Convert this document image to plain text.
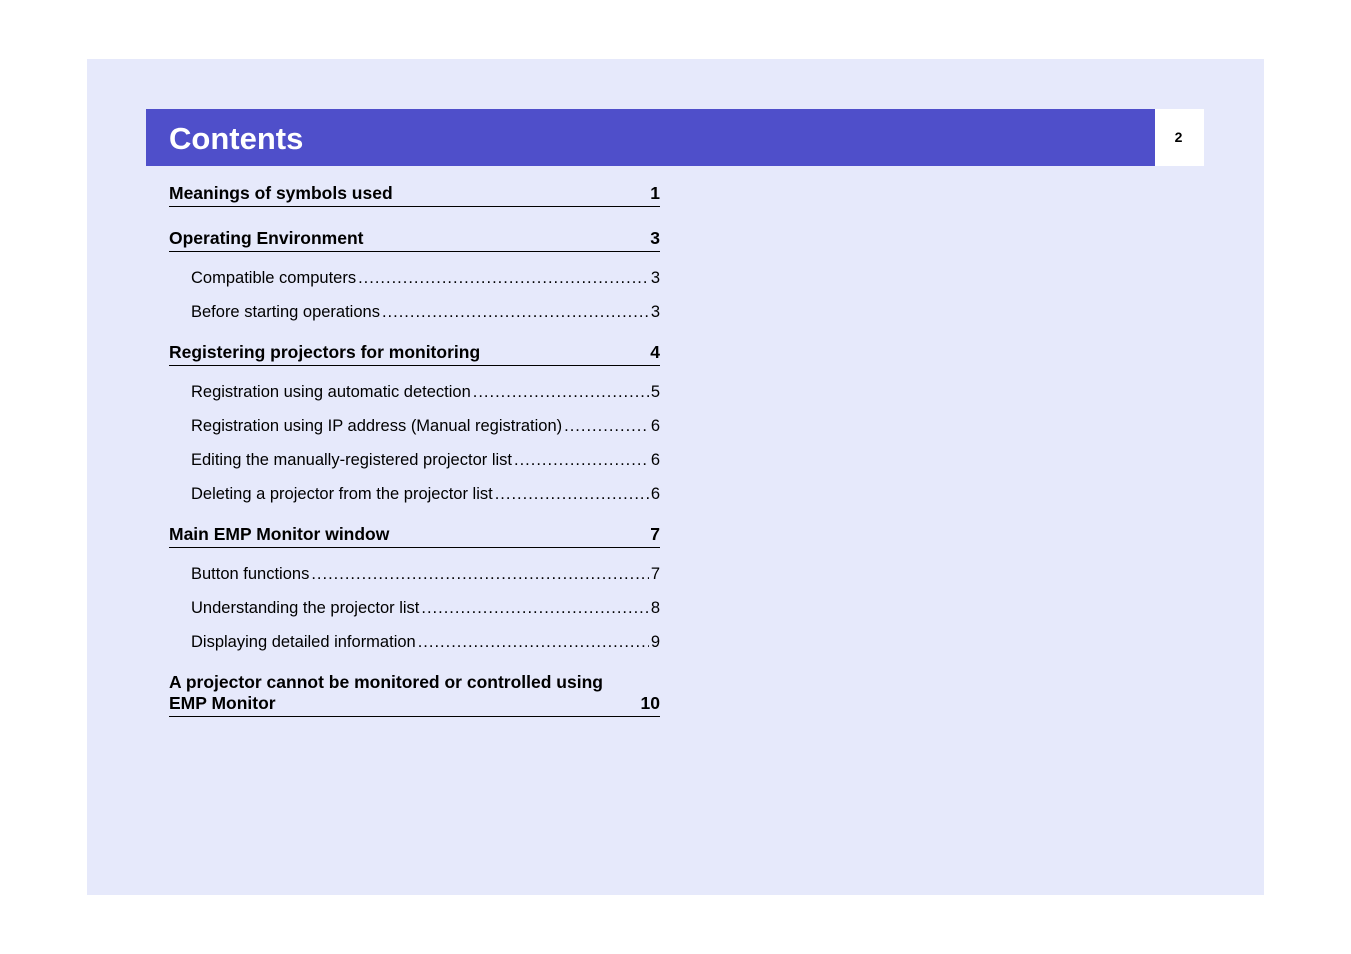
Contents	2
Meanings of symbols used	1
Operating Environment	3
Compatible computers .....	3
Before starting operations .....	3
Registering projectors for monitoring	4
Registration using automatic detection .....	5
Registration using IP address (Manual registration) .....	6
Editing the manually-registered projector list .....	6
Deleting a projector from the projector list .....	6
Main EMP Monitor window	7
Button functions .....	7
Understanding the projector list .....	8
Displaying detailed information .....	9
A projector cannot be monitored or controlled using EMP Monitor	10
